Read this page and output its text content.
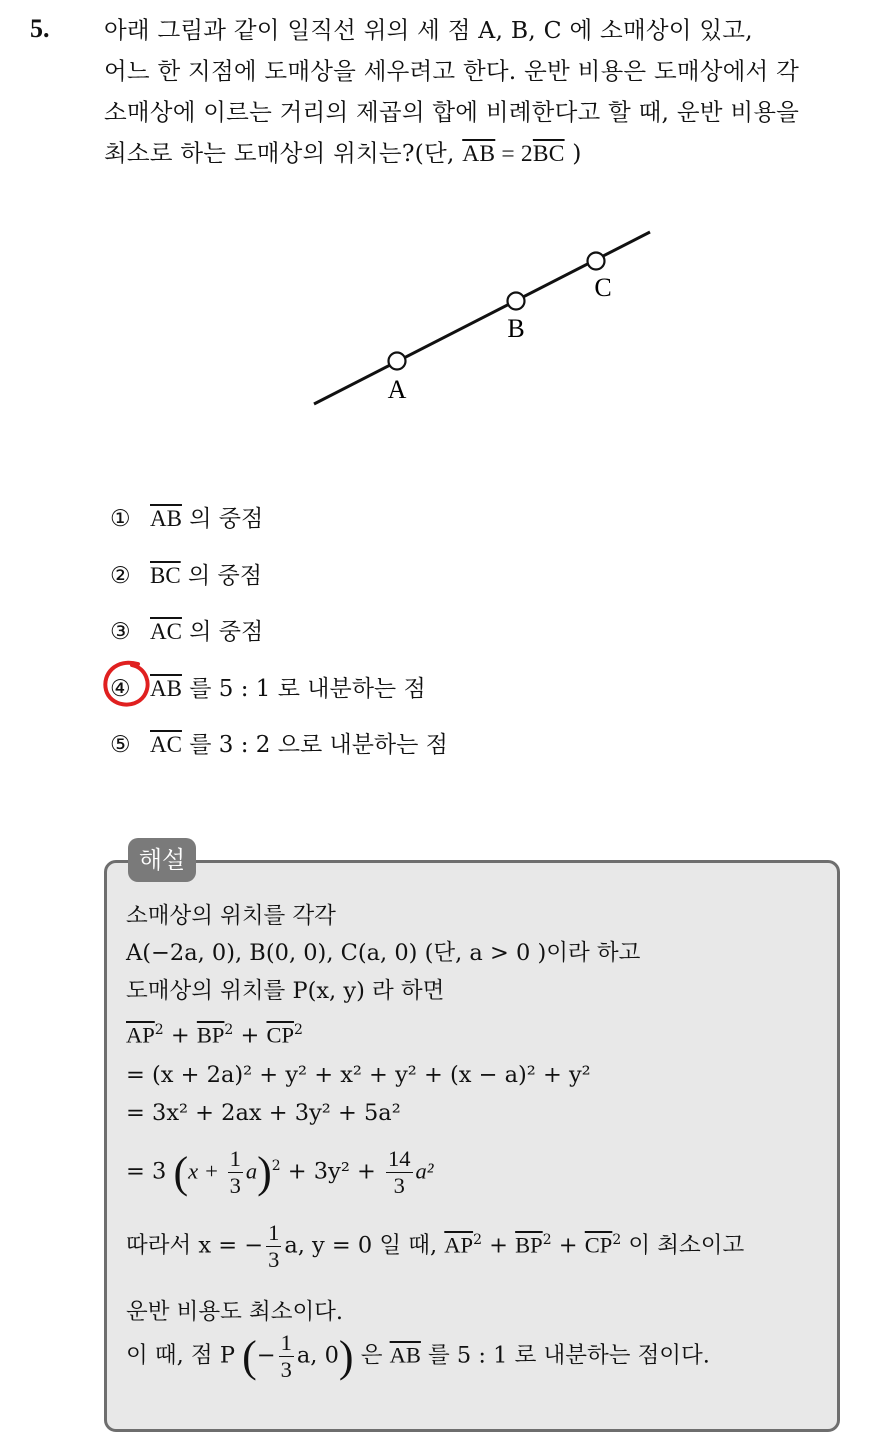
5. 아래 그림과 같이 일직선 위의 세 점 A, B, C 에 소매상이 있고,
어느 한 지점에 도매상을 세우려고 한다. 운반 비용은 도매상에서 각
소매상에 이르는 거리의 제곱의 합에 비례한다고 할 때, 운반 비용을
최소로 하는 도매상의 위치는?(단, $\overline{AB} = 2\overline{BC}$ )
A
B
C
① $\overline{AB}$ 의 중점
② $\overline{BC}$ 의 중점
③ $\overline{AC}$ 의 중점
④ $\overline{AB}$ 를 5 : 1 로 내분하는 점
⑤ $\overline{AC}$ 를 3 : 2 으로 내분하는 점
해설
소매상의 위치를 각각
A(−2a, 0), B(0, 0), C(a, 0) (단, a > 0 )이라 하고
도매상의 위치를 P(x, y) 라 하면
$\overline{AP}^2 + \overline{BP}^2 + \overline{CP}^2$
= (x + 2a)² + y² + x² + y² + (x − a)² + y²
= 3x² + 2ax + 3y² + 5a²
= 3 $(x + \frac{1}{3} a)^2 + 3y^2 + \frac{14}{3} a^2$
따라서 x = − $\frac{1}{3} a$, y = 0 일 때, $\overline{AP}^2 + \overline{BP}^2 + \overline{CP}^2$ 이 최소이고
운반 비용도 최소이다.
이 때, 점 P (− $\frac{1}{3} a$, 0) 은 $\overline{AB}$ 를 5 : 1 로 내분하는 점이다.
